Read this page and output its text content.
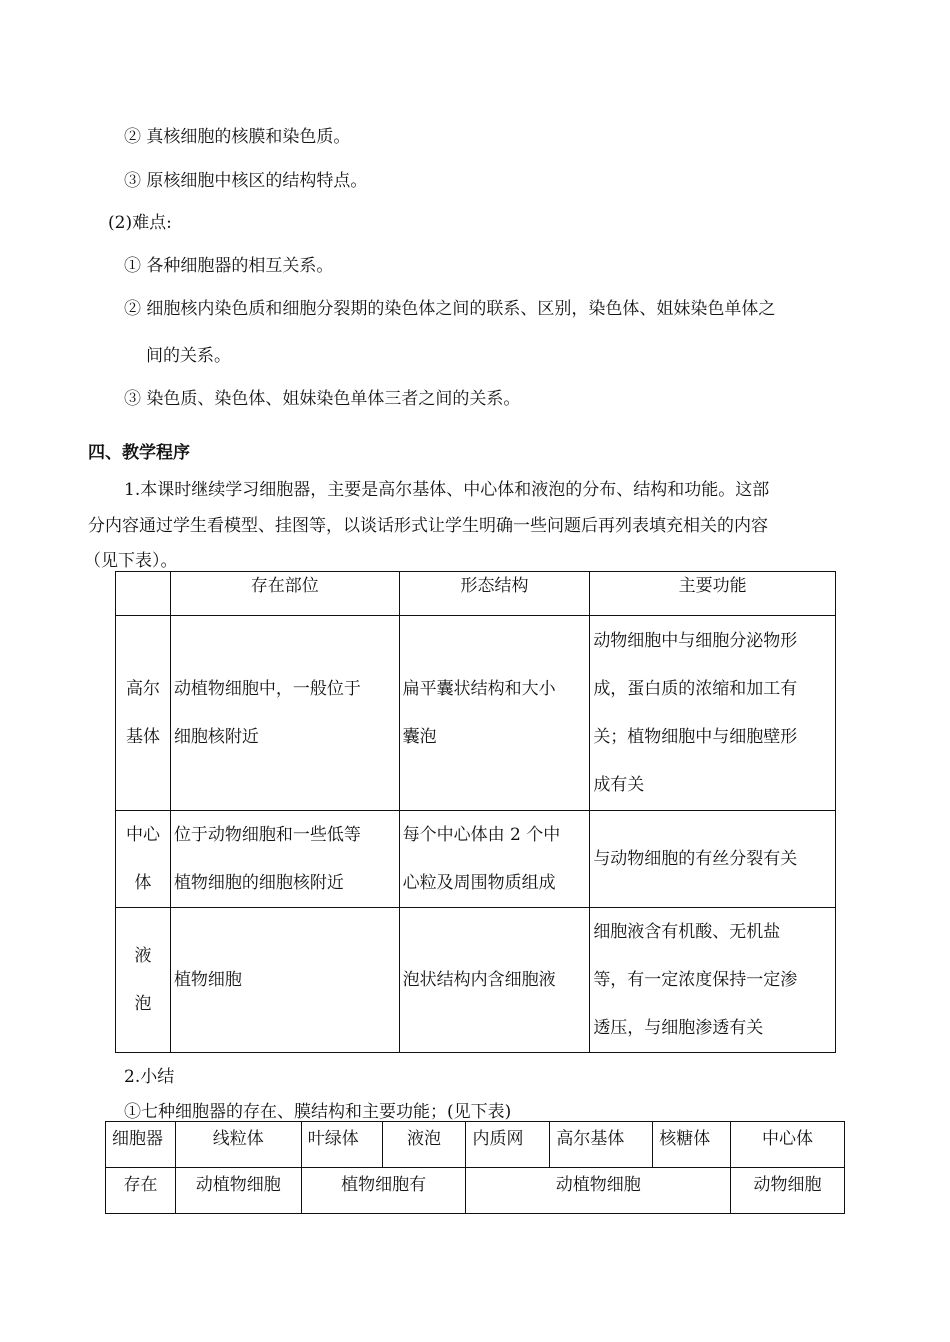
② 真核细胞的核膜和染色质。
③ 原核细胞中核区的结构特点。
(2)难点:
① 各种细胞器的相互关系。
② 细胞核内染色质和细胞分裂期的染色体之间的联系、区别，染色体、姐妹染色单体之
间的关系。
③ 染色质、染色体、姐妹染色单体三者之间的关系。
四、教学程序
1.本课时继续学习细胞器，主要是高尔基体、中心体和液泡的分布、结构和功能。这部
分内容通过学生看模型、挂图等，以谈话形式让学生明确一些问题后再列表填充相关的内容
（见下表）。
	存在部位	形态结构	主要功能

高尔
基体	动植物细胞中，一般位于
细胞核附近	扁平囊状结构和大小
囊泡	动物细胞中与细胞分泌物形
成，蛋白质的浓缩和加工有
关；植物细胞中与细胞壁形
成有关

中心
体	位于动物细胞和一些低等
植物细胞的细胞核附近	每个中心体由 2 个中
心粒及周围物质组成	与动物细胞的有丝分裂有关

液
泡	植物细胞	泡状结构内含细胞液	细胞液含有机酸、无机盐
等，有一定浓度保持一定渗
透压，与细胞渗透有关
2.小结
①七种细胞器的存在、膜结构和主要功能；(见下表)
细胞器	线粒体	叶绿体	液泡	内质网	高尔基体	核糖体	中心体
存在	动植物细胞	植物细胞有		动植物细胞			动物细胞
